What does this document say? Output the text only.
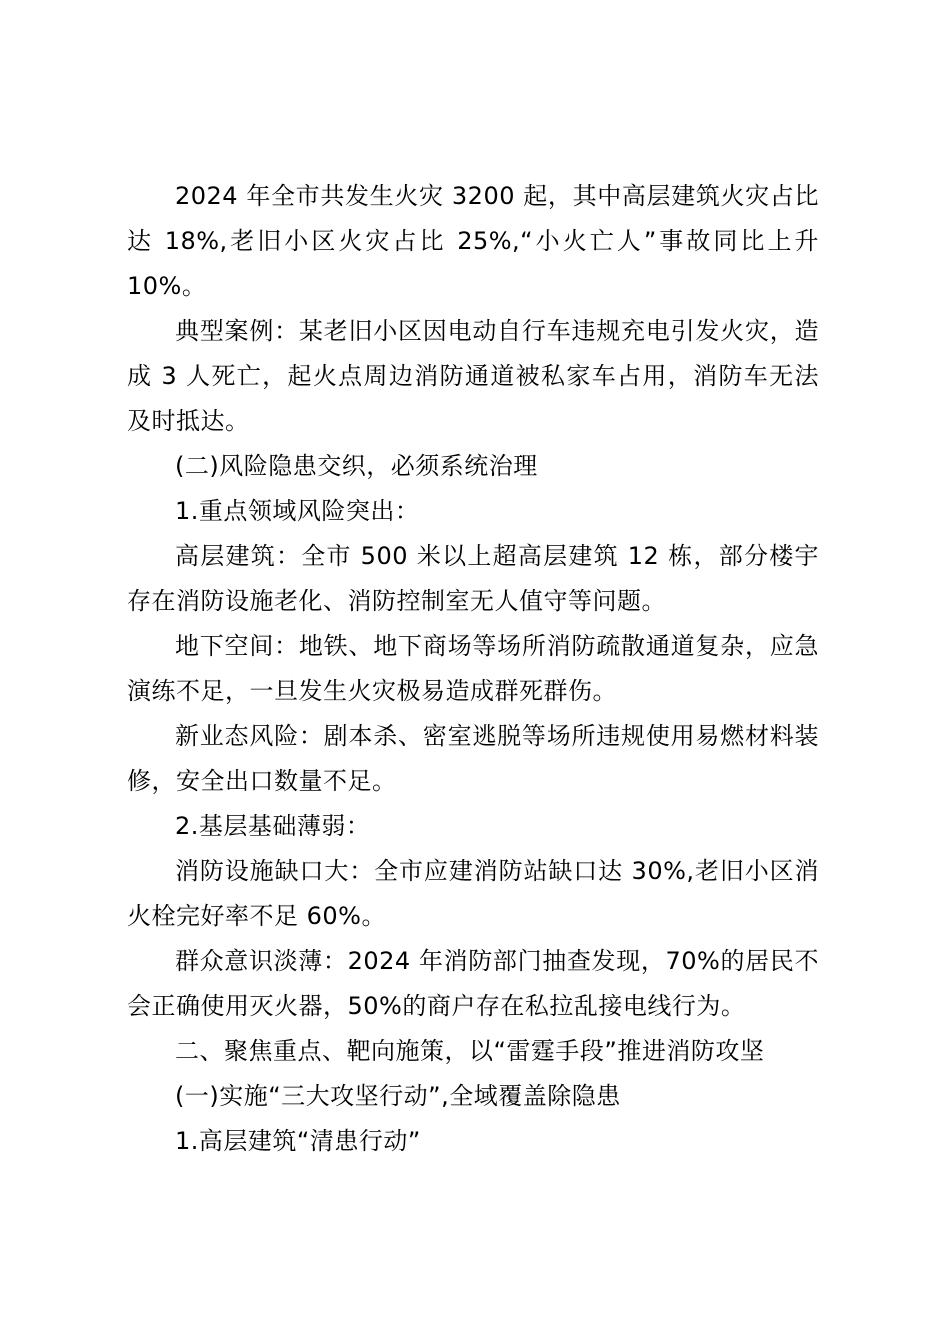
2024 年全市共发生火灾 3200 起，其中高层建筑火灾占比达 18%,老旧小区火灾占比 25%,“小火亡人”事故同比上升 10%。

典型案例：某老旧小区因电动自行车违规充电引发火灾，造成 3 人死亡，起火点周边消防通道被私家车占用，消防车无法及时抵达。

(二)风险隐患交织，必须系统治理

1.重点领域风险突出：

高层建筑：全市 500 米以上超高层建筑 12 栋，部分楼宇存在消防设施老化、消防控制室无人值守等问题。

地下空间：地铁、地下商场等场所消防疏散通道复杂，应急演练不足，一旦发生火灾极易造成群死群伤。

新业态风险：剧本杀、密室逃脱等场所违规使用易燃材料装修，安全出口数量不足。

2.基层基础薄弱：

消防设施缺口大：全市应建消防站缺口达 30%,老旧小区消火栓完好率不足 60%。

群众意识淡薄：2024 年消防部门抽查发现，70%的居民不会正确使用灭火器，50%的商户存在私拉乱接电线行为。

二、聚焦重点、靶向施策，以“雷霆手段”推进消防攻坚

(一)实施“三大攻坚行动”,全域覆盖除隐患

1.高层建筑“清患行动”
